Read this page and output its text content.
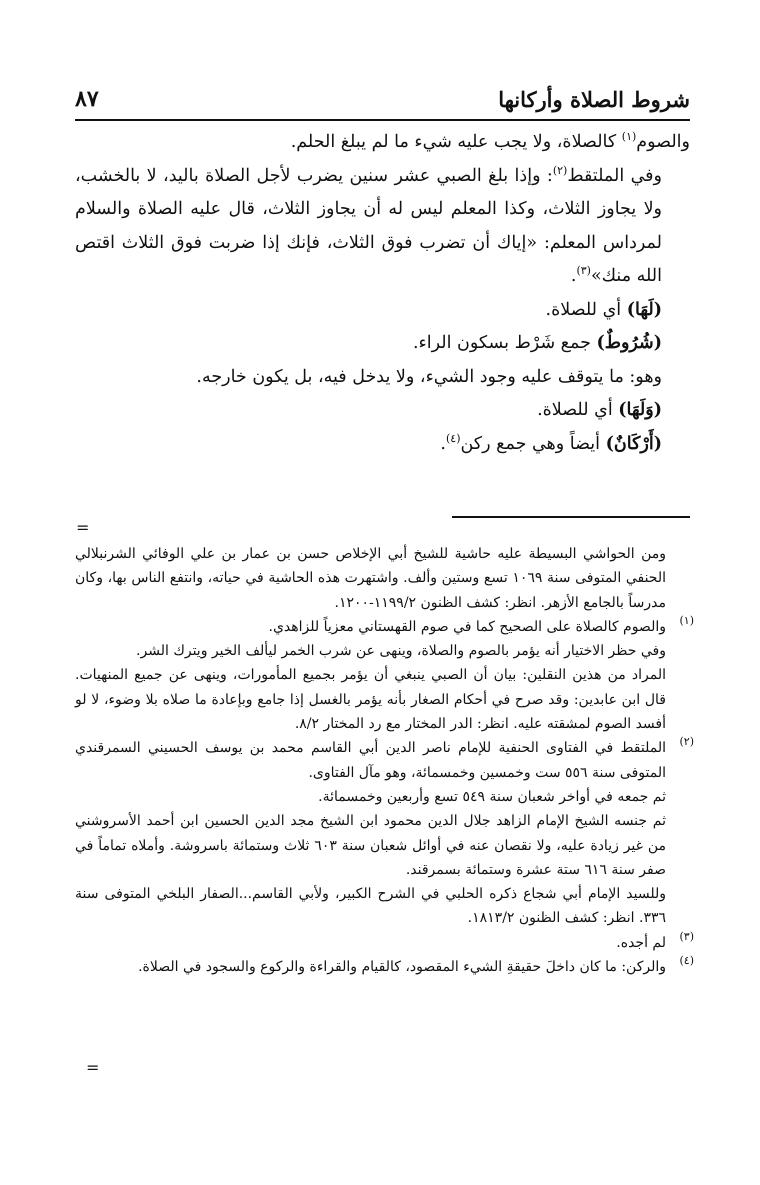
٨٧	شروط الصلاة وأركانها

والصوم$^{(١)}$ كالصلاة، ولا يجب عليه شيء ما لم يبلغ الحلم.

وفي الملتقط$^{(٢)}$: وإذا بلغ الصبي عشر سنين يضرب لأجل الصلاة باليد، لا بالخشب، ولا يجاوز الثلاث، وكذا المعلم ليس له أن يجاوز الثلاث، قال عليه الصلاة والسلام لمرداس المعلم: «إياك أن تضرب فوق الثلاث، فإنك إذا ضربت فوق الثلاث اقتص الله منك»$^{(٣)}$.

(لَهَا) أي للصلاة.

(شُرُوطٌ) جمع شَرْط بسكون الراء.

وهو: ما يتوقف عليه وجود الشيء، ولا يدخل فيه، بل يكون خارجه.

(وَلَهَا) أي للصلاة.

(أَرْكَانٌ) أيضاً وهي جمع ركن$^{(٤)}$.

=

ومن الحواشي البسيطة عليه حاشية للشيخ أبي الإخلاص حسن بن عمار بن علي الوفائي الشرنبلالي الحنفي المتوفى سنة ١٠٦٩ تسع وستين وألف. واشتهرت هذه الحاشية في حياته، وانتفع الناس بها، وكان مدرساً بالجامع الأزهر. انظر: كشف الظنون ١١٩٩/٢-١٢٠٠.

(١)

والصوم كالصلاة على الصحيح كما في صوم القهستاني معزياً للزاهدي.

وفي حظر الاختيار أنه يؤمر بالصوم والصلاة، وينهى عن شرب الخمر ليألف الخير ويترك الشر.

المراد من هذين النقلين: بيان أن الصبي ينبغي أن يؤمر بجميع المأمورات، وينهى عن جميع المنهيات. قال ابن عابدين: وقد صرح في أحكام الصغار بأنه يؤمر بالغسل إذا جامع وبإعادة ما صلاه بلا وضوء، لا لو أفسد الصوم لمشقته عليه. انظر: الدر المختار مع رد المختار ٨/٢.

(٢)

الملتقط في الفتاوى الحنفية للإمام ناصر الدين أبي القاسم محمد بن يوسف الحسيني السمرقندي المتوفى سنة ٥٥٦ ست وخمسين وخمسمائة، وهو مآل الفتاوى.

ثم جمعه في أواخر شعبان سنة ٥٤٩ تسع وأربعين وخمسمائة.

ثم جنسه الشيخ الإمام الزاهد جلال الدين محمود ابن الشيخ مجد الدين الحسين ابن أحمد الأسروشني من غير زيادة عليه، ولا نقصان عنه في أوائل شعبان سنة ٦٠٣ ثلاث وستمائة باسروشة. وأملاه تماماً في صفر سنة ٦١٦ ستة عشرة وستمائة بسمرقند.

وللسيد الإمام أبي شجاع ذكره الحلبي في الشرح الكبير، ولأبي القاسم...الصفار البلخي المتوفى سنة ٣٣٦. انظر: كشف الظنون ١٨١٣/٢.

(٣)

لم أجده.

(٤)

والركن: ما كان داخلَ حقيقةِ الشيء المقصود، كالقيام والقراءة والركوع والسجود في الصلاة.

=
